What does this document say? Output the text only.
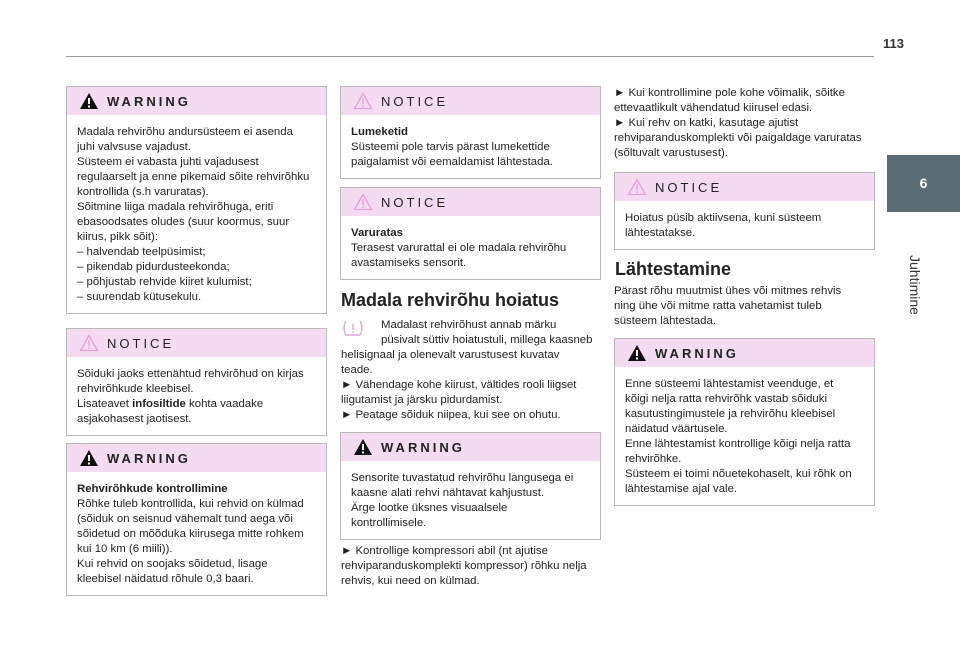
113
6
Juhtimine
WARNING

Madala rehvirõhu andursüsteem ei asenda

juhi valvsuse vajadust.

Süsteem ei vabasta juhti vajadusest

regulaarselt ja enne pikemaid sõite rehvirõhku

kontrollida (s.h varuratas).

Sõitmine liiga madala rehvirõhuga, eriti

ebasoodsates oludes (suur koormus, suur

kiirus, pikk sõit):

– halvendab teelpüsimist;

– pikendab pidurdusteekonda;

– põhjustab rehvide kiiret kulumist;

– suurendab kütusekulu.

NOTICE

Sõiduki jaoks ettenähtud rehvirõhud on kirjas

rehvirõhkude kleebisel.

Lisateavet infosiltide kohta vaadake

asjakohasest jaotisest.

WARNING

Rehvirõhkude kontrollimine

Rõhke tuleb kontrollida, kui rehvid on külmad

(sõiduk on seisnud vähemalt tund aega või

sõidetud on mõõduka kiirusega mitte rohkem

kui 10 km (6 miili)).

Kui rehvid on soojaks sõidetud, lisage

kleebisel näidatud rõhule 0,3 baari.

NOTICE

Lumeketid

Süsteemi pole tarvis pärast lumekettide

paigalamist või eemaldamist lähtestada.

NOTICE

Varuratas

Terasest varurattal ei ole madala rehvirõhu

avastamiseks sensorit.

Madala rehvirõhu hoiatus

Madalast rehvirõhust annab märku

püsivalt süttiv hoiatustuli, millega kaasneb

helisignaal ja olenevalt varustusest kuvatav

teade.

► Vähendage kohe kiirust, vältides rooli liigset

liigutamist ja järsku pidurdamist.

► Peatage sõiduk niipea, kui see on ohutu.

WARNING

Sensorite tuvastatud rehvirõhu langusega ei

kaasne alati rehvi nähtavat kahjustust.

Ärge lootke üksnes visuaalsele

kontrollimisele.

► Kontrollige kompressori abil (nt ajutise

rehviparanduskomplekti kompressor) rõhku nelja

rehvis, kui need on külmad.

► Kui kontrollimine pole kohe võimalik, sõitke

ettevaatlikult vähendatud kiirusel edasi.

► Kui rehv on katki, kasutage ajutist

rehviparanduskomplekti või paigaldage varuratas

(sõltuvalt varustusest).

NOTICE

Hoiatus püsib aktiivsena, kuni süsteem

lähtestatakse.

Lähtestamine

Pärast rõhu muutmist ühes või mitmes rehvis

ning ühe või mitme ratta vahetamist tuleb

süsteem lähtestada.

WARNING

Enne süsteemi lähtestamist veenduge, et

kõigi nelja ratta rehvirõhk vastab sõiduki

kasutustingimustele ja rehvirõhu kleebisel

näidatud väärtusele.

Enne lähtestamist kontrollige kõigi nelja ratta

rehvirõhke.

Süsteem ei toimi nõuetekohaselt, kui rõhk on

lähtestamise ajal vale.
